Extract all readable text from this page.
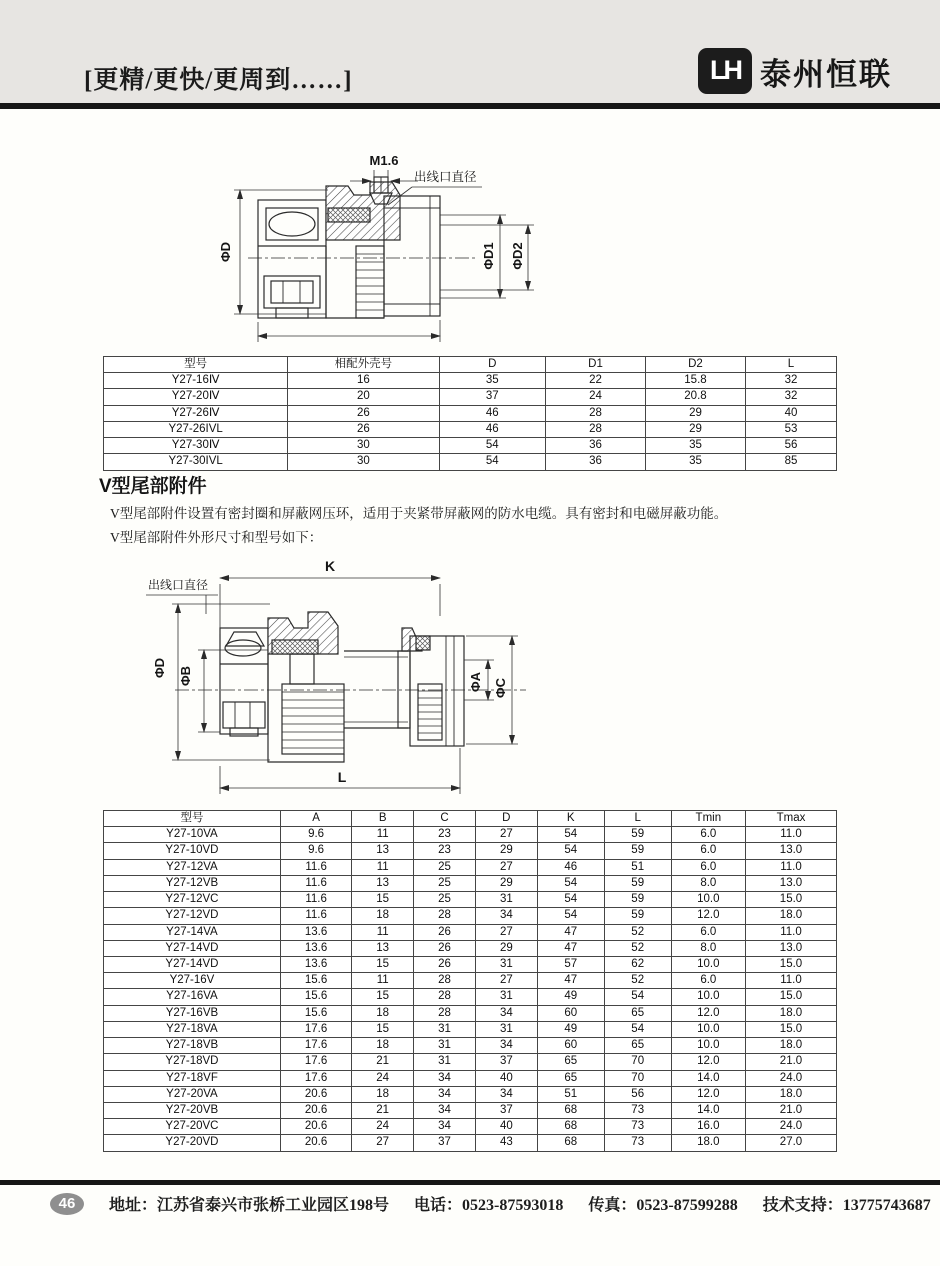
[更精/更快/更周到……]	LH 泰州恒联
M1.6
出线口直径
ΦD	ΦD1 ΦD2
型号	相配外壳号	D	D1	D2	L
Y27-16Ⅳ	16	35	22	15.8	32
Y27-20Ⅳ	20	37	24	20.8	32
Y27-26Ⅳ	26	46	28	29	40
Y27-26IVL	26	46	28	29	53
Y27-30Ⅳ	30	54	36	35	56
Y27-30IVL	30	54	36	35	85
V型尾部附件

V型尾部附件设置有密封圈和屏蔽网压环，适用于夹紧带屏蔽网的防水电缆。具有密封和电磁屏蔽功能。

V型尾部附件外形尺寸和型号如下：

K
出线口直径
ΦD ΦB	ΦA ΦC
L
型号	A	B	C	D	K	L	Tmin	Tmax
Y27-10VA	9.6	11	23	27	54	59	6.0	11.0
Y27-10VD	9.6	13	23	29	54	59	6.0	13.0
Y27-12VA	11.6	11	25	27	46	51	6.0	11.0
Y27-12VB	11.6	13	25	29	54	59	8.0	13.0
Y27-12VC	11.6	15	25	31	54	59	10.0	15.0
Y27-12VD	11.6	18	28	34	54	59	12.0	18.0
Y27-14VA	13.6	11	26	27	47	52	6.0	11.0
Y27-14VD	13.6	13	26	29	47	52	8.0	13.0
Y27-14VD	13.6	15	26	31	57	62	10.0	15.0
Y27-16V	15.6	11	28	27	47	52	6.0	11.0
Y27-16VA	15.6	15	28	31	49	54	10.0	15.0
Y27-16VB	15.6	18	28	34	60	65	12.0	18.0
Y27-18VA	17.6	15	31	31	49	54	10.0	15.0
Y27-18VB	17.6	18	31	34	60	65	10.0	18.0
Y27-18VD	17.6	21	31	37	65	70	12.0	21.0
Y27-18VF	17.6	24	34	40	65	70	14.0	24.0
Y27-20VA	20.6	18	34	34	51	56	12.0	18.0
Y27-20VB	20.6	21	34	37	68	73	14.0	21.0
Y27-20VC	20.6	24	34	40	68	73	16.0	24.0
Y27-20VD	20.6	27	37	43	68	73	18.0	27.0
46	地址：江苏省泰兴市张桥工业园区198号 电话：0523-87593018 传真：0523-87599288 技术支持：13775743687
